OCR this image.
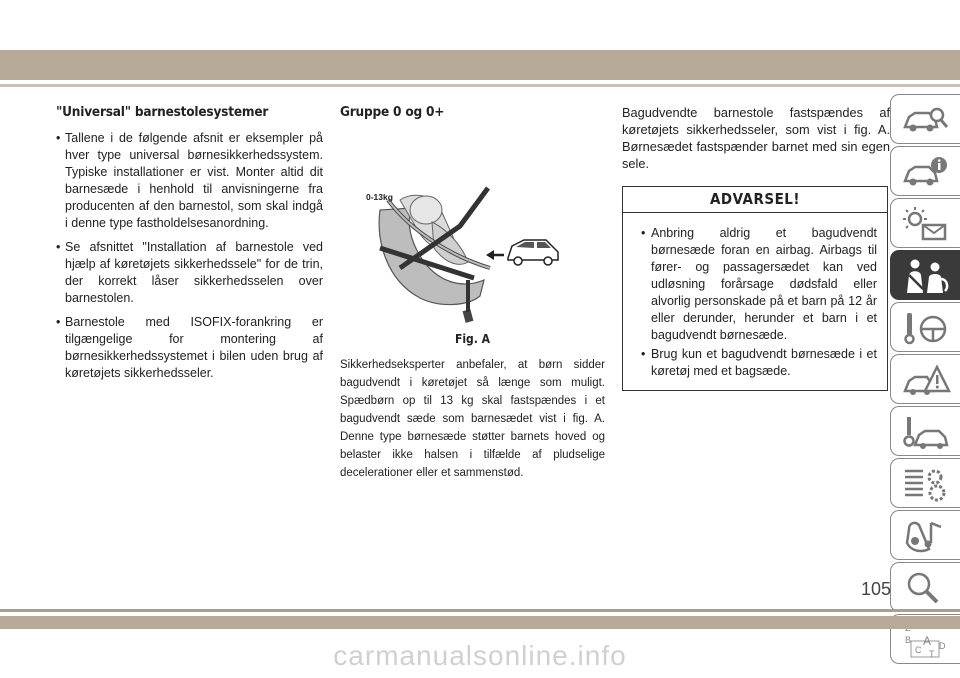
"Universal" barnestolesystemer
• Tallene i de følgende afsnit er eksempler på hver type universal børnesikkerhedssystem. Typiske installationer er vist. Monter altid dit barnesæde i henhold til anvisningerne fra producenten af den barnestol, som skal indgå i denne type fastholdelsesanordning.
• Se afsnittet "Installation af barnestole ved hjælp af køretøjets sikkerhedssele" for de trin, der korrekt låser sikkerhedsselen over barnestolen.
• Barnestole med ISOFIX-forankring er tilgængelige for montering af børnesikkerhedssystemet i bilen uden brug af køretøjets sikkerhedsseler.
Gruppe 0 og 0+
0-13kg
Fig. A

Sikkerhedseksperter anbefaler, at børn sidder bagudvendt i køretøjet så længe som muligt. Spædbørn op til 13 kg skal fastspændes i et bagudvendt sæde som barnesædet vist i fig. A. Denne type børnesæde støtter barnets hoved og belaster ikke halsen i tilfælde af pludselige decelerationer eller et sammenstød.

Bagudvendte barnestole fastspændes af køretøjets sikkerhedsseler, som vist i fig. A. Børnesædet fastspænder barnet med sin egen sele.

ADVARSEL!
• Anbring aldrig et bagudvendt børnesæde foran en airbag. Airbags til fører- og passagersædet kan ved udløsning forårsage dødsfald eller alvorlig personskade på et barn på 12 år eller derunder, herunder et barn i et bagudvendt børnesæde.
• Brug kun et bagudvendt børnesæde i et køretøj med et bagsæde.
B A
C T
D
105
carmanualsonline.info
